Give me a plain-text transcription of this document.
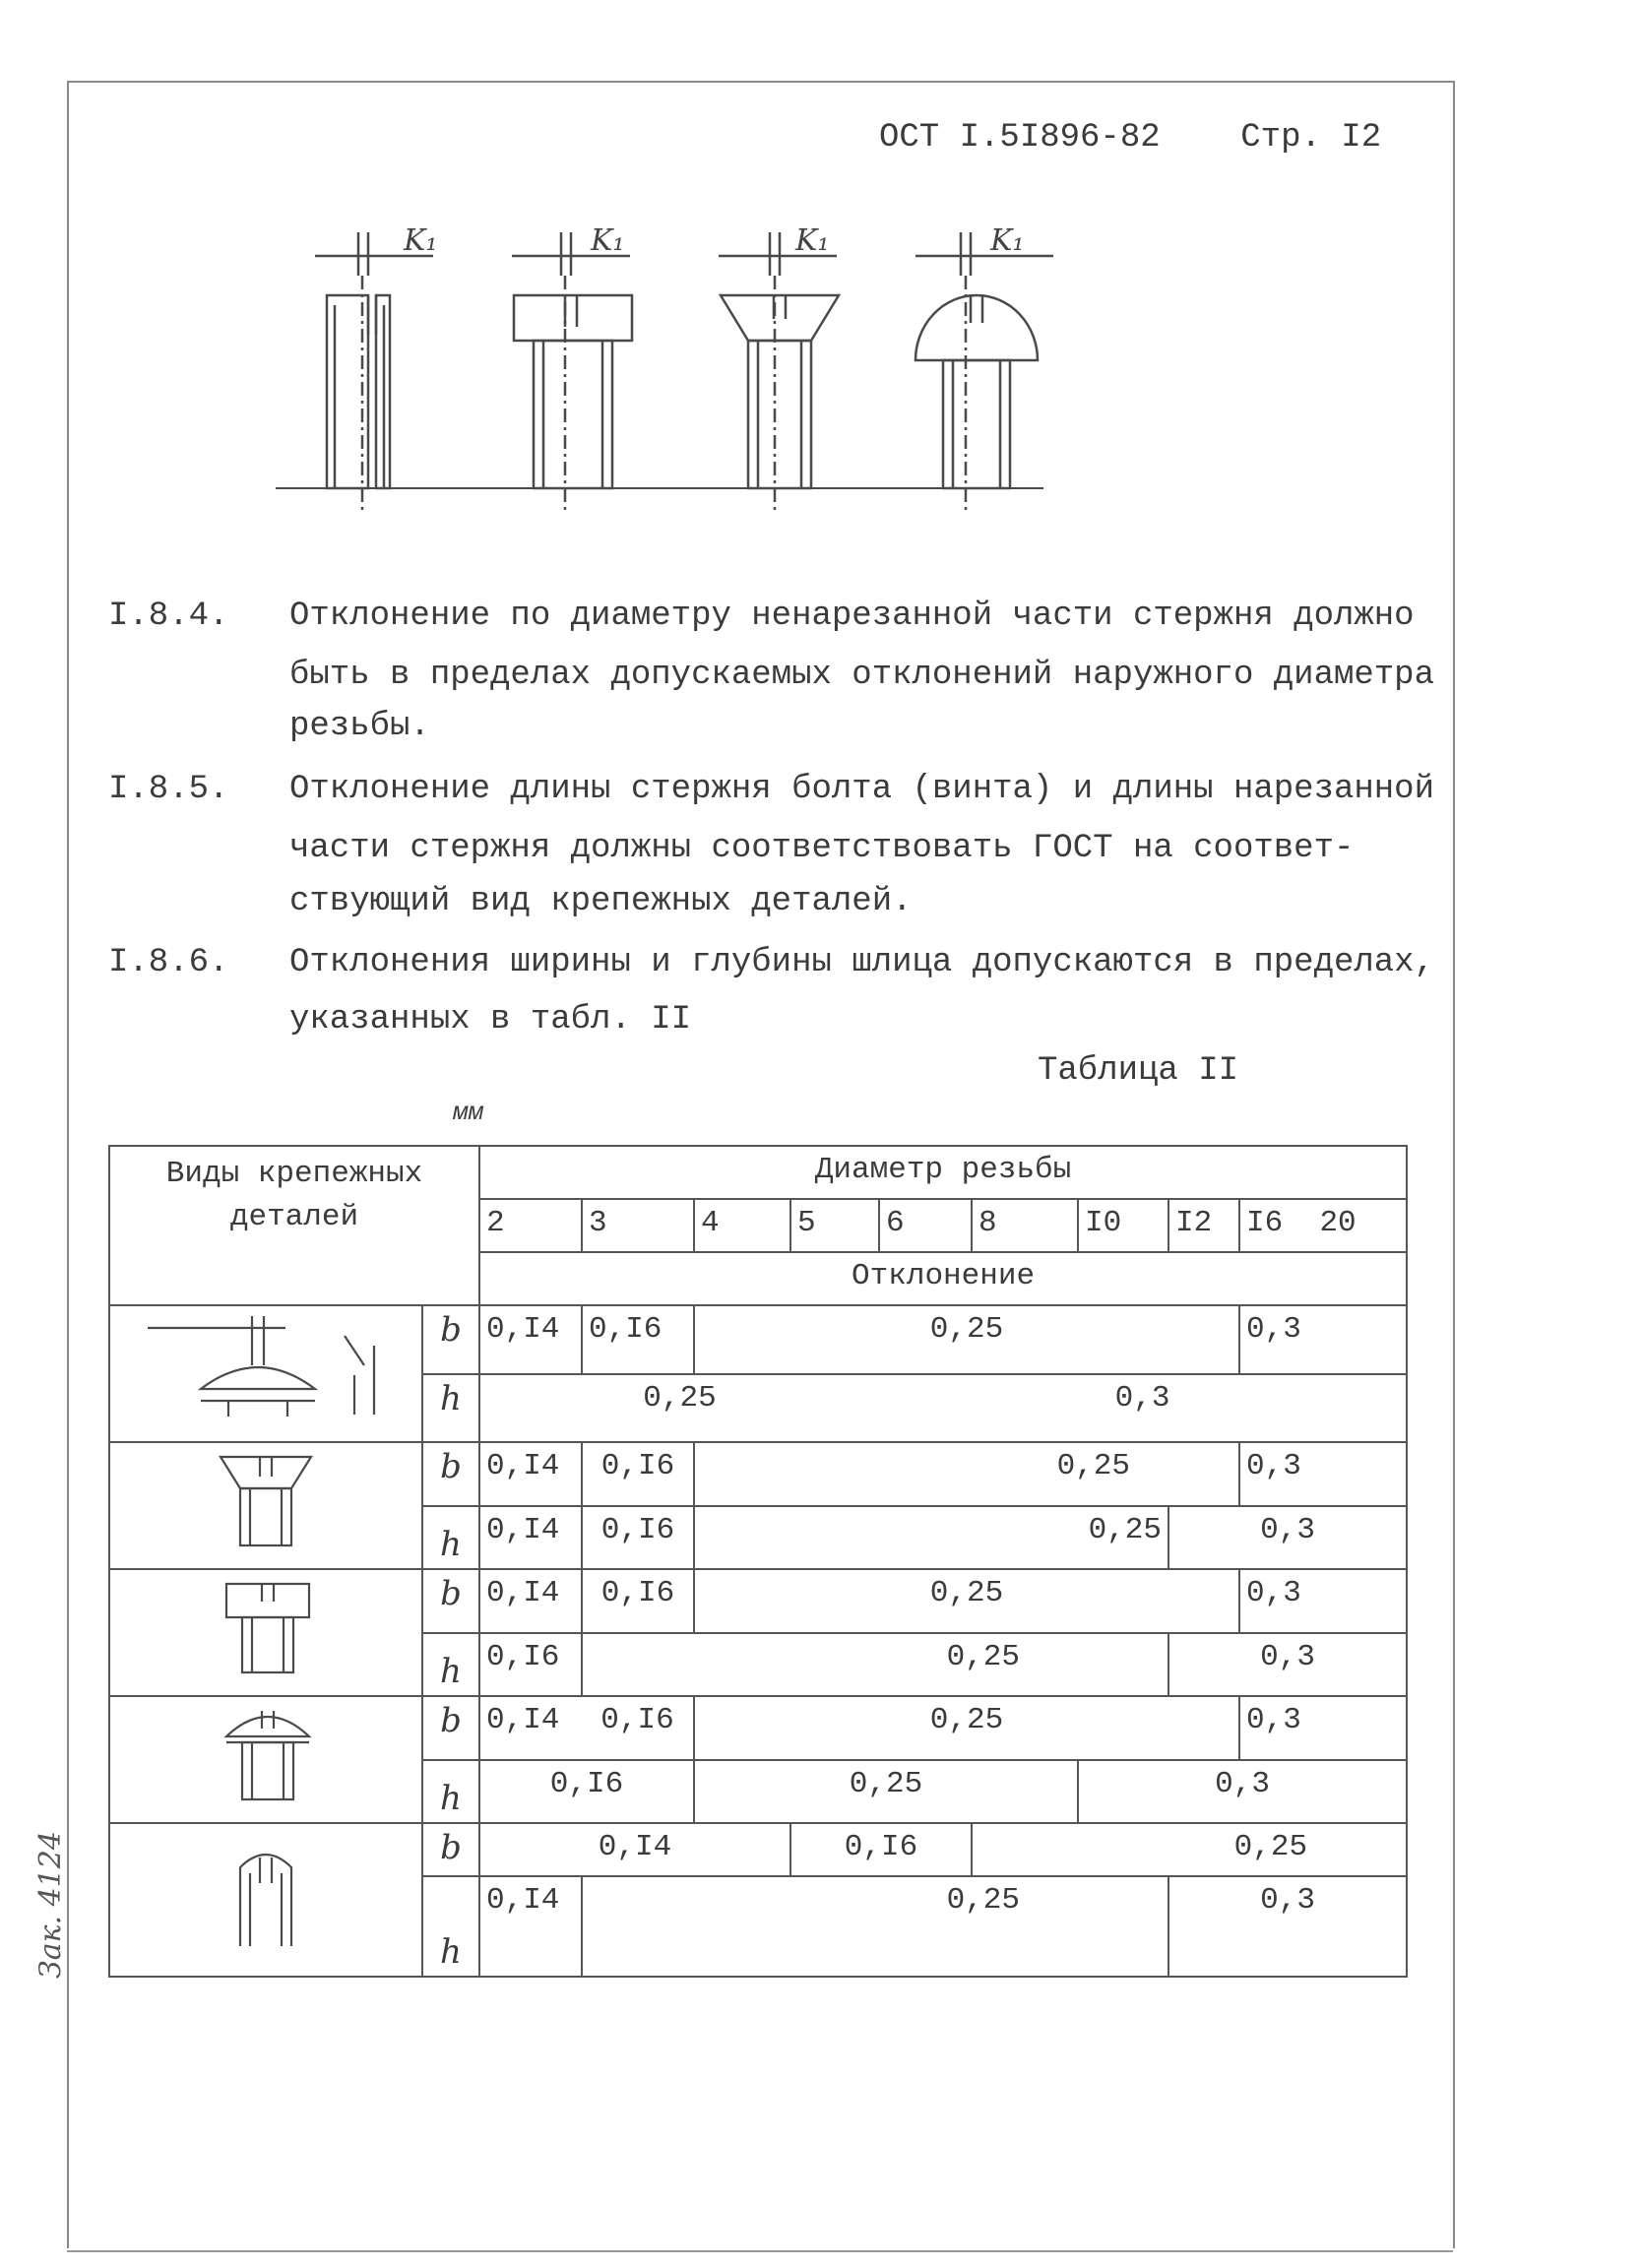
ОСТ I.5I896-82 Стр. I2
K₁	K₁	K₁	K₁
I.8.4. Отклонение по диаметру ненарезанной части стержня должно
быть в пределах допускаемых отклонений наружного диаметра
резьбы.
I.8.5. Отклонение длины стержня болта (винта) и длины нарезанной
части стержня должны соответствовать ГОСТ на соответ-
ствующий вид крепежных деталей.
I.8.6. Отклонения ширины и глубины шлица допускаются в пределах,
указанных в табл. II
Таблица II
мм
Виды крепежных деталей		Диаметр резьбы								
		2	3	4	5	6	8	I0	I2	I6 20
		Отклонение								
	b	0,I4	0,I6	0,25						0,3
	h	0,25				0,3				
	b	0,I4	0,I6	0,25						0,3
	h	0,I4	0,I6	0,25					0,3	
	b	0,I4	0,I6	0,25						0,3
	h	0,I6	0,25						0,3	
	b	0,I4	0,I6	0,25						0,3
	h	0,I6		0,25				0,3		
	b	0,I4			0,I6		0,25			
	h	0,I4	0,25						0,3	
Зак. 4124
